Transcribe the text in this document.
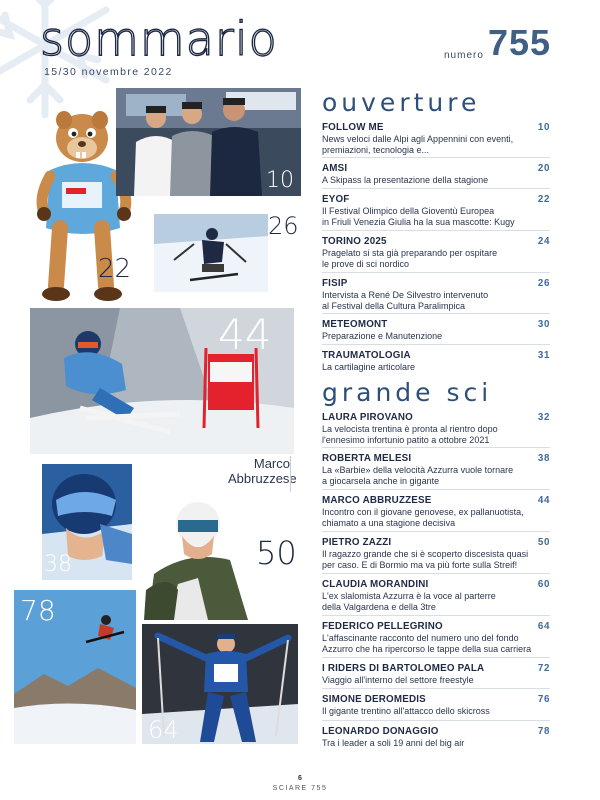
sommario
15/30 novembre 2022
numero 755
ouverture
grande sci
FOLLOW ME	10
News veloci dalle Alpi agli Appennini con eventi,
premiazioni, tecnologia e...
AMSI	20
A Skipass la presentazione della stagione
EYOF	22
Il Festival Olimpico della Gioventù Europea
in Friuli Venezia Giulia ha la sua mascotte: Kugy
TORINO 2025	24
Pragelato si sta già preparando per ospitare
le prove di sci nordico
FISIP	26
Intervista a René De Silvestro intervenuto
al Festival della Cultura Paralimpica
METEOMONT	30
Preparazione e Manutenzione
TRAUMATOLOGIA	31
La cartilagine articolare
LAURA PIROVANO	32
La velocista trentina è pronta al rientro dopo
l'ennesimo infortunio patito a ottobre 2021
ROBERTA MELESI	38
La «Barbie» della velocità Azzurra vuole tornare
a giocarsela anche in gigante
MARCO ABBRUZZESE	44
Incontro con il giovane genovese, ex pallanuotista,
chiamato a una stagione decisiva
PIETRO ZAZZI	50
Il ragazzo grande che si è scoperto discesista quasi
per caso. E di Bormio ma va più forte sulla Streif!
CLAUDIA MORANDINI	60
L'ex slalomista Azzurra è la voce al parterre
della Valgardena e della 3tre
FEDERICO PELLEGRINO	64
L'affascinante racconto del numero uno del fondo
Azzurro che ha ripercorso le tappe della sua carriera
I RIDERS DI BARTOLOMEO PALA	72
Viaggio all'interno del settore freestyle
SIMONE DEROMEDIS	76
Il gigante trentino all'attacco dello skicross
LEONARDO DONAGGIO	78
Tra i leader a soli 19 anni del big air
22
10
26
44
Marco
Abbruzzese
38	50
78
64
6
SCIARE 755
